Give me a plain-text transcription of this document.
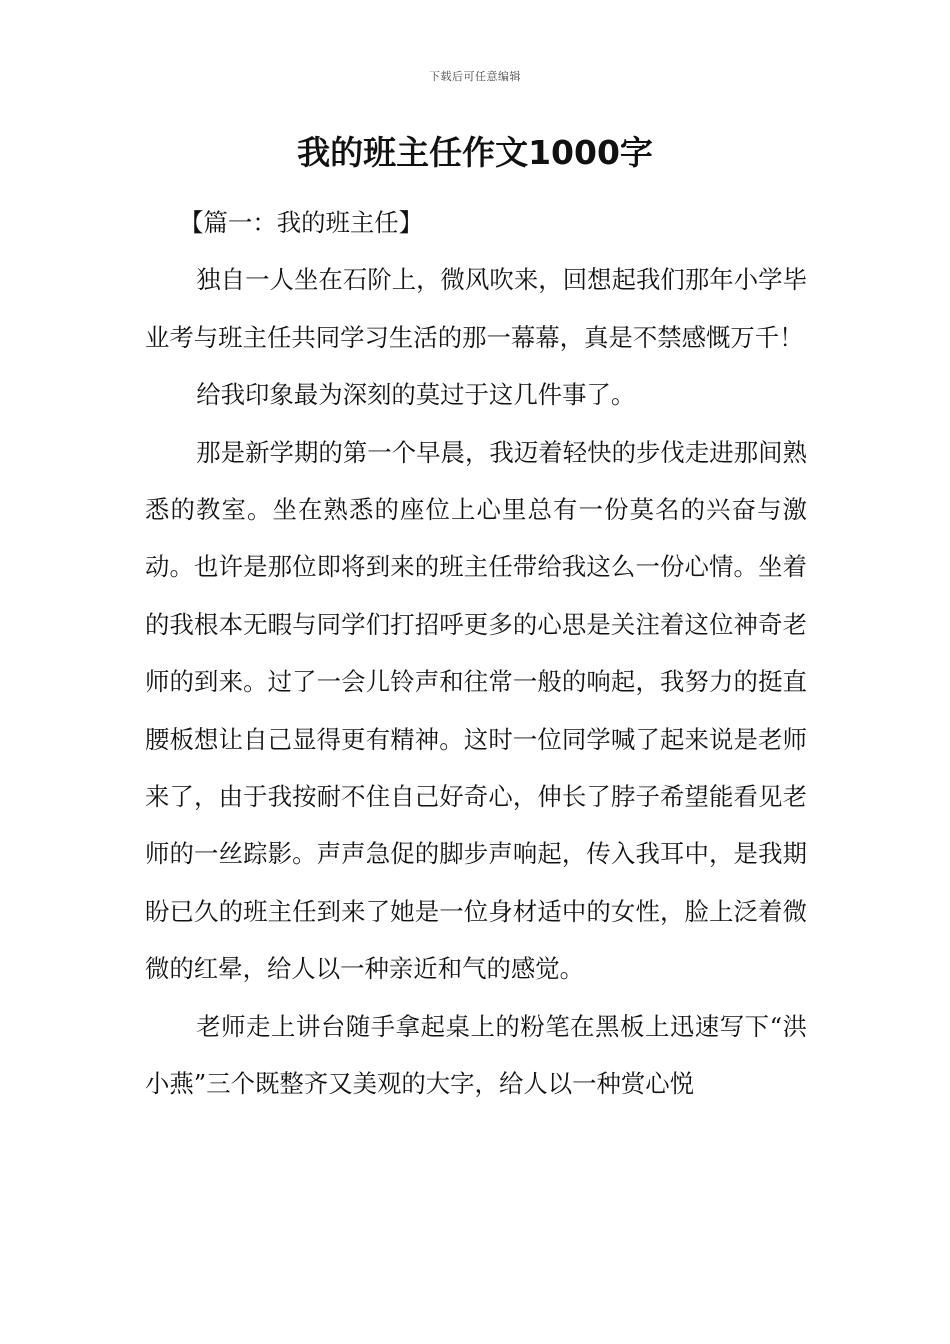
下载后可任意编辑
我的班主任作文1000字

【篇一：我的班主任】

独自一人坐在石阶上，微风吹来，回想起我们那年小学毕业考与班主任共同学习生活的那一幕幕，真是不禁感慨万千！

给我印象最为深刻的莫过于这几件事了。

那是新学期的第一个早晨，我迈着轻快的步伐走进那间熟悉的教室。坐在熟悉的座位上心里总有一份莫名的兴奋与激动。也许是那位即将到来的班主任带给我这么一份心情。坐着的我根本无暇与同学们打招呼更多的心思是关注着这位神奇老师的到来。过了一会儿铃声和往常一般的响起，我努力的挺直腰板想让自己显得更有精神。这时一位同学喊了起来说是老师来了，由于我按耐不住自己好奇心，伸长了脖子希望能看见老师的一丝踪影。声声急促的脚步声响起，传入我耳中，是我期盼已久的班主任到来了她是一位身材适中的女性，脸上泛着微微的红晕，给人以一种亲近和气的感觉。

老师走上讲台随手拿起桌上的粉笔在黑板上迅速写下“洪小燕”三个既整齐又美观的大字，给人以一种赏心悦
